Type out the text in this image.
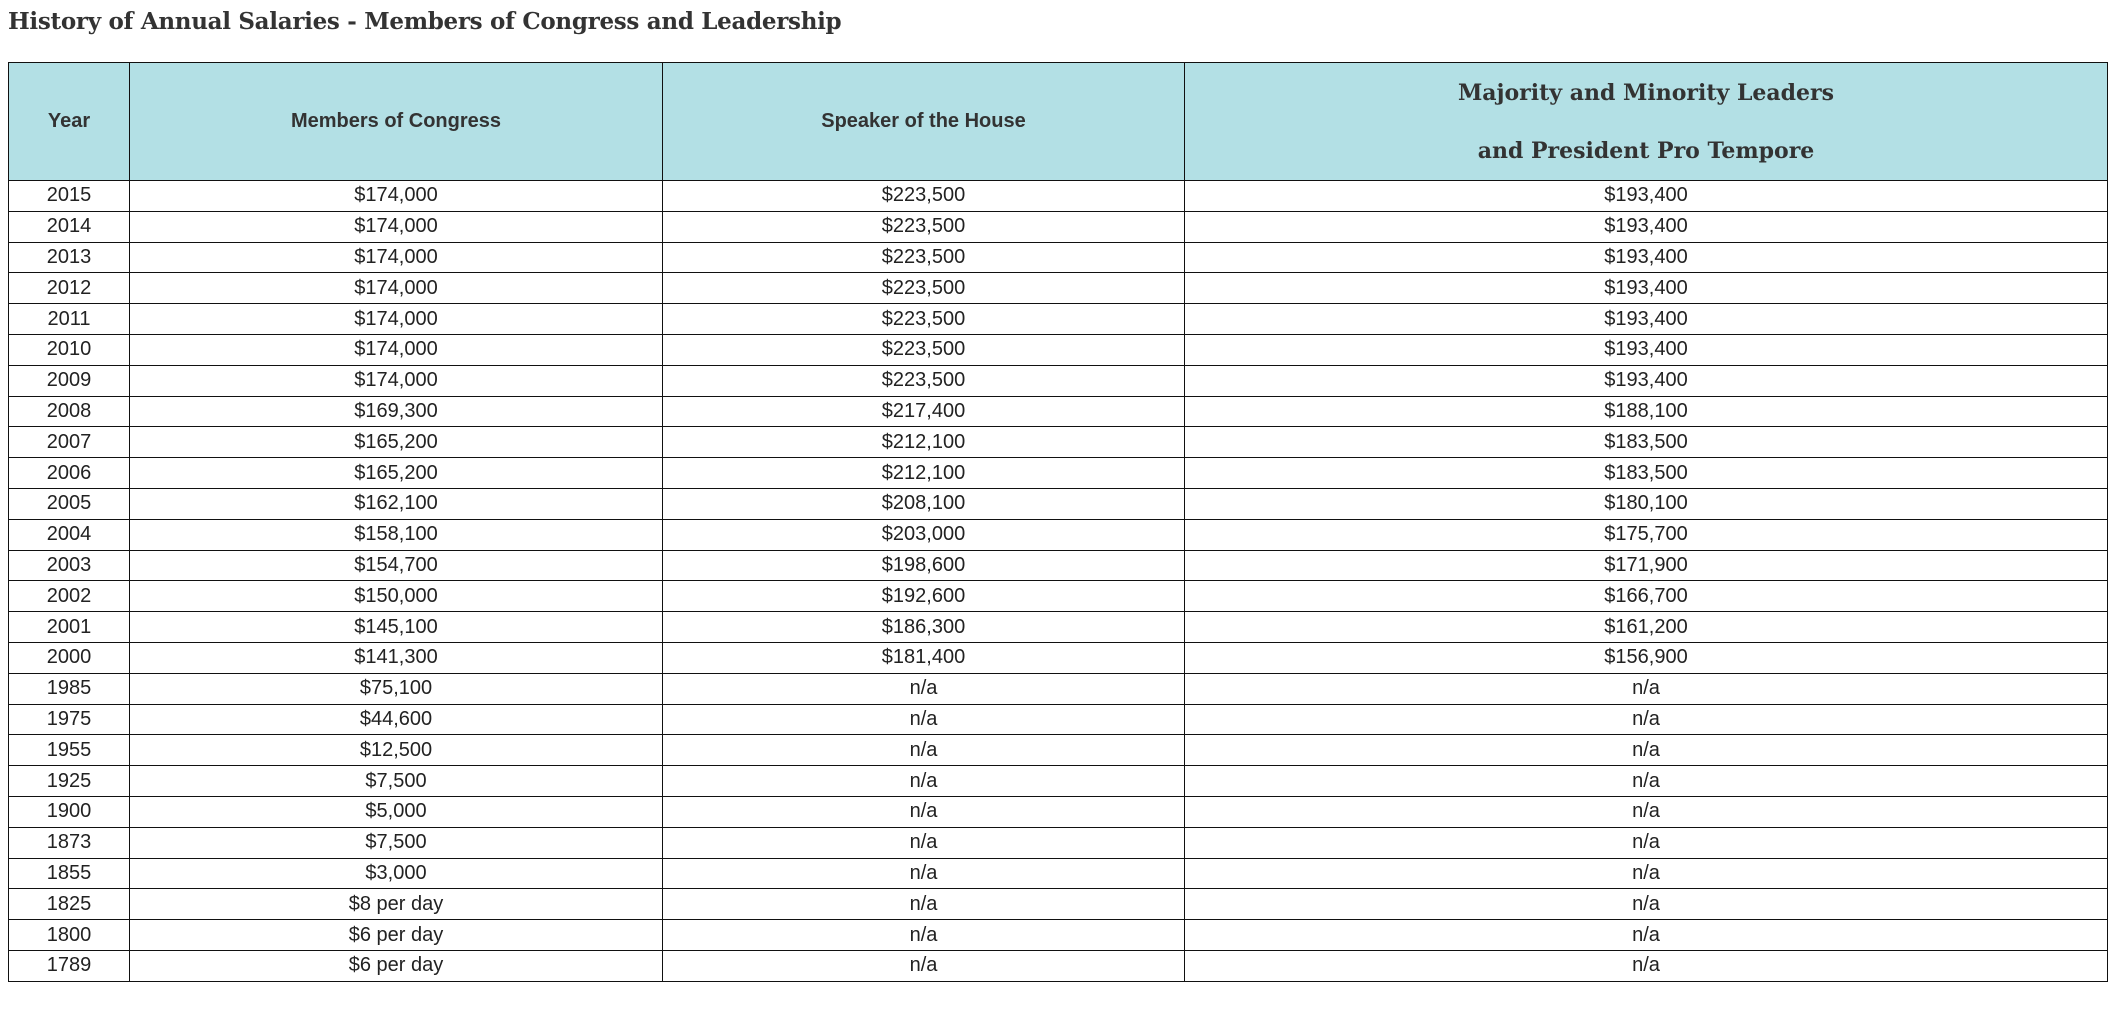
History of Annual Salaries - Members of Congress and Leadership
Year	Members of Congress	Speaker of the House	Majority and Minority Leaders
and President Pro Tempore

2015	$174,000	$223,500	$193,400
2014	$174,000	$223,500	$193,400
2013	$174,000	$223,500	$193,400
2012	$174,000	$223,500	$193,400
2011	$174,000	$223,500	$193,400
2010	$174,000	$223,500	$193,400
2009	$174,000	$223,500	$193,400
2008	$169,300	$217,400	$188,100
2007	$165,200	$212,100	$183,500
2006	$165,200	$212,100	$183,500
2005	$162,100	$208,100	$180,100
2004	$158,100	$203,000	$175,700
2003	$154,700	$198,600	$171,900
2002	$150,000	$192,600	$166,700
2001	$145,100	$186,300	$161,200
2000	$141,300	$181,400	$156,900
1985	$75,100	n/a	n/a
1975	$44,600	n/a	n/a
1955	$12,500	n/a	n/a
1925	$7,500	n/a	n/a
1900	$5,000	n/a	n/a
1873	$7,500	n/a	n/a
1855	$3,000	n/a	n/a
1825	$8 per day	n/a	n/a
1800	$6 per day	n/a	n/a
1789	$6 per day	n/a	n/a
